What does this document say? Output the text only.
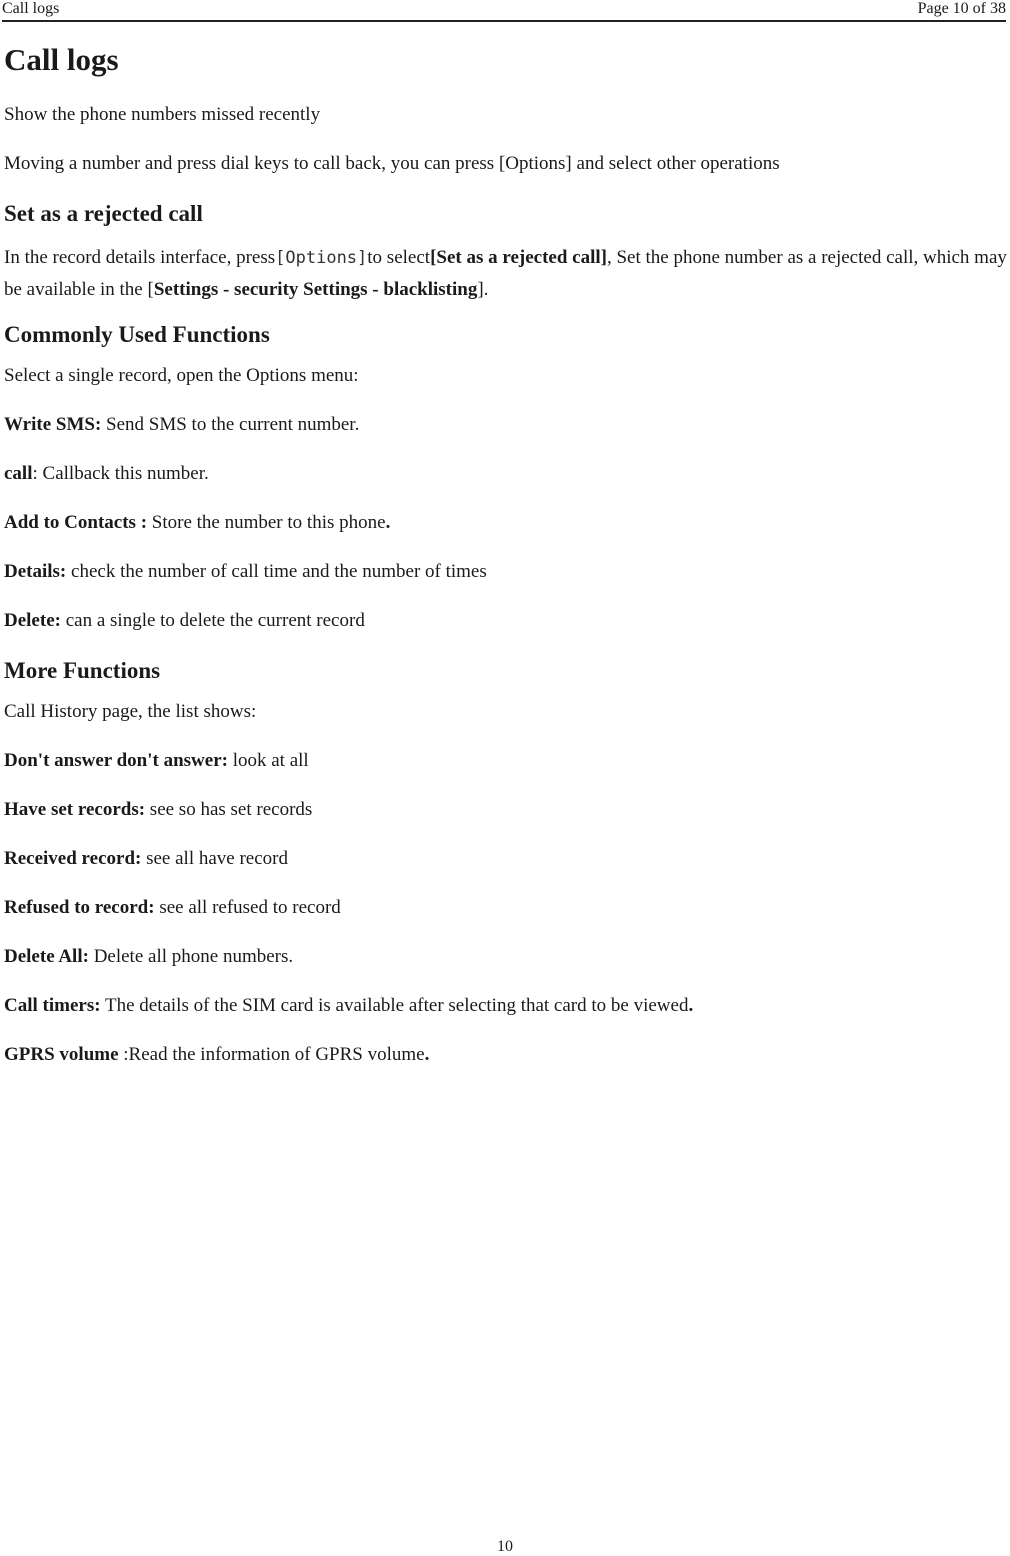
Call logs	Page 10 of 38
Call logs

Show the phone numbers missed recently

Moving a number and press dial keys to call back, you can press [Options] and select other operations

Set as a rejected call

In the record details interface, press[Options]to select[Set as a rejected call], Set the phone number as a rejected call, which may be available in the [Settings - security Settings - blacklisting].

Commonly Used Functions

Select a single record, open the Options menu:

Write SMS: Send SMS to the current number.

call: Callback this number.

Add to Contacts : Store the number to this phone.

Details: check the number of call time and the number of times

Delete: can a single to delete the current record

More Functions

Call History page, the list shows:

Don't answer don't answer: look at all

Have set records: see so has set records

Received record: see all have record

Refused to record: see all refused to record

Delete All: Delete all phone numbers.

Call timers: The details of the SIM card is available after selecting that card to be viewed.

GPRS volume :Read the information of GPRS volume.

10
